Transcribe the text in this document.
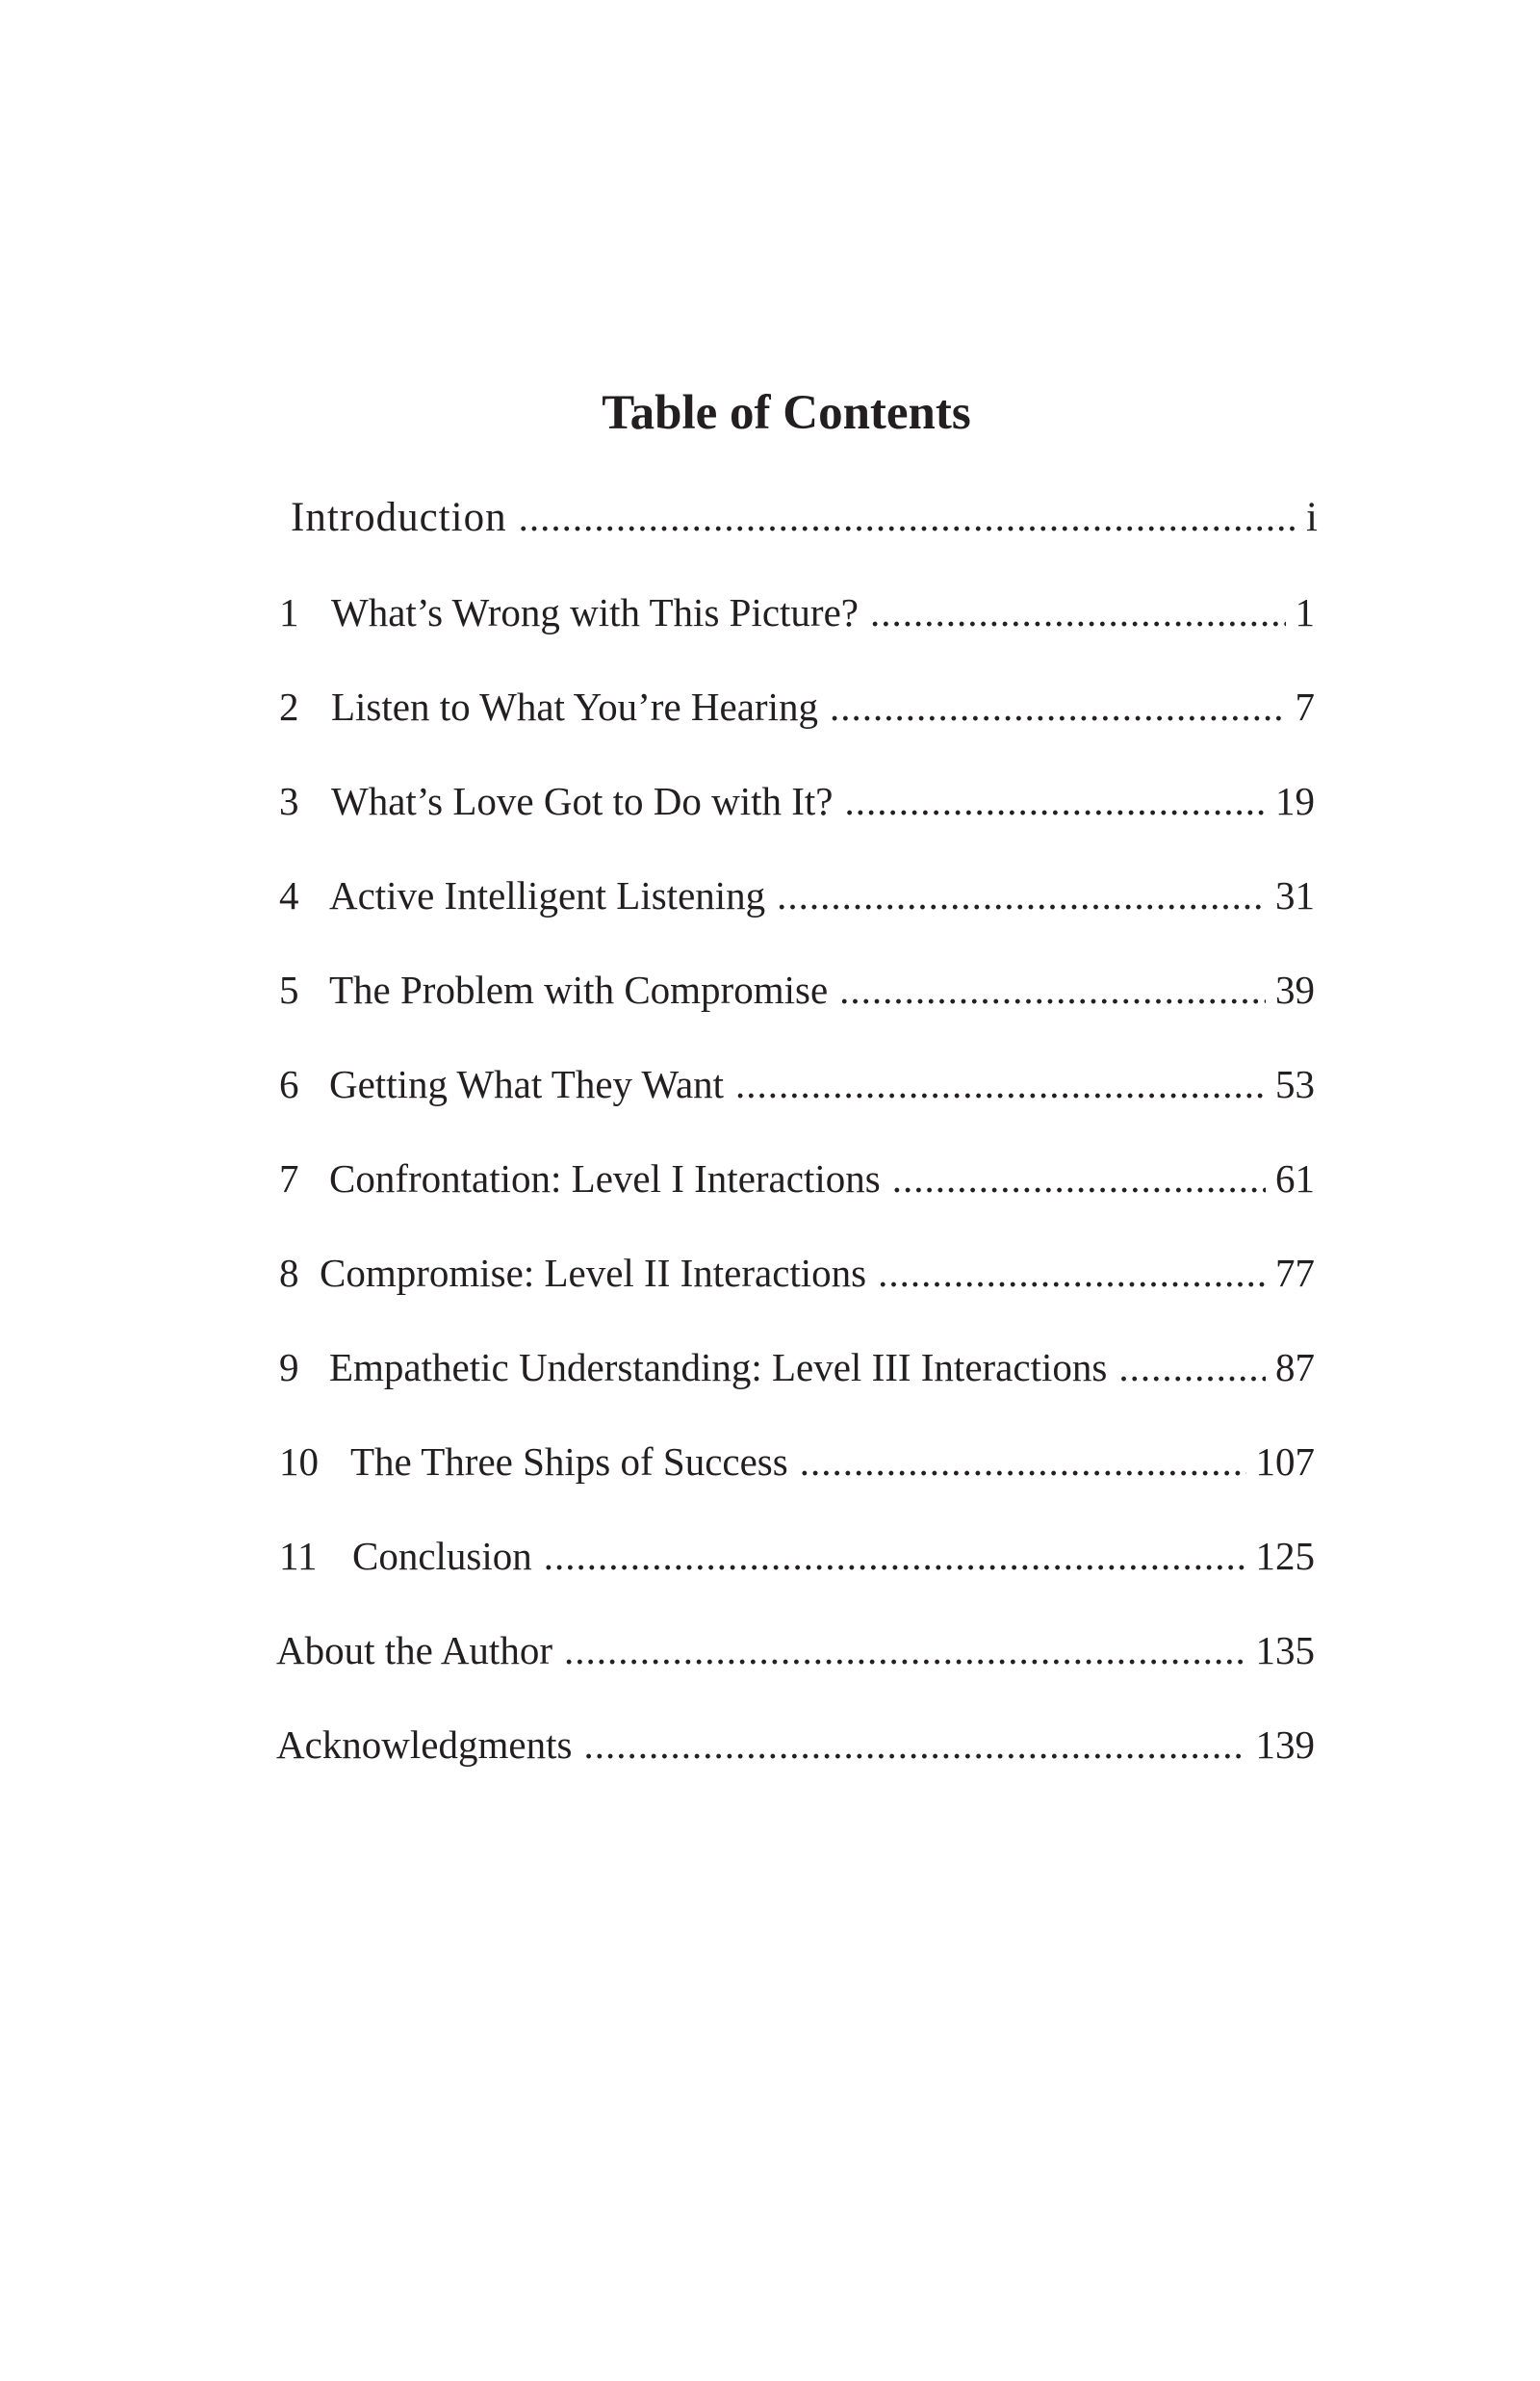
Table of Contents
Introduction .....	i
1 What’s Wrong with This Picture? .....	1
2 Listen to What You’re Hearing .....	7
3 What’s Love Got to Do with It? .....	19
4 Active Intelligent Listening .....	31
5 The Problem with Compromise .....	39
6 Getting What They Want .....	53
7 Confrontation: Level I Interactions .....	61
8 Compromise: Level II Interactions .....	77
9 Empathetic Understanding: Level III Interactions .....	87
10 The Three Ships of Success .....	107
11 Conclusion .....	125
About the Author .....	135
Acknowledgments .....	139
